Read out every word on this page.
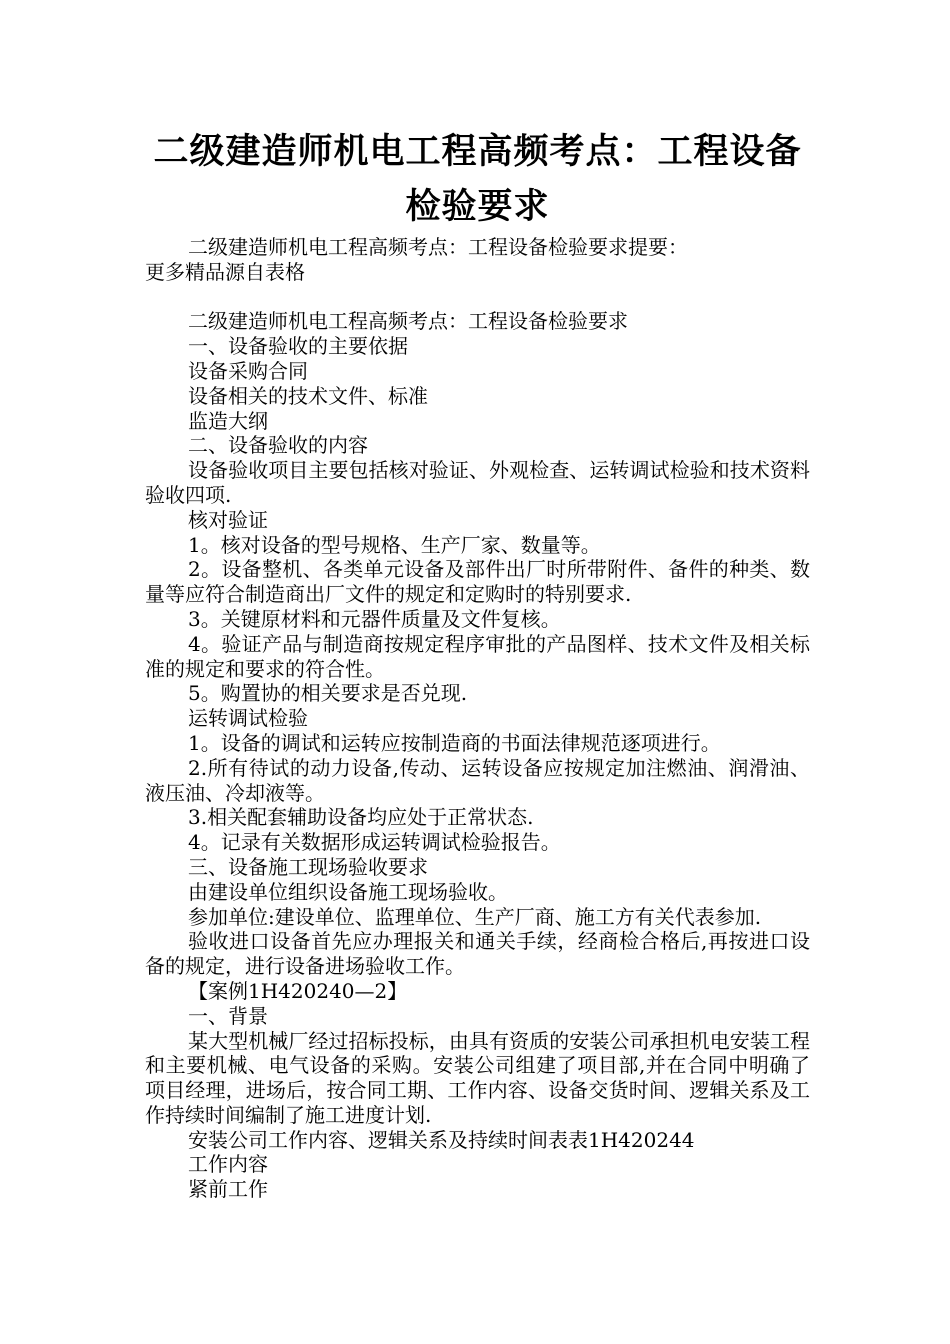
二级建造师机电工程高频考点：工程设备检验要求

二级建造师机电工程高频考点：工程设备检验要求提要：

更多精品源自表格

二级建造师机电工程高频考点：工程设备检验要求

一、设备验收的主要依据

设备采购合同

设备相关的技术文件、标准

监造大纲

二、设备验收的内容

设备验收项目主要包括核对验证、外观检查、运转调试检验和技术资料验收四项.

核对验证

1。核对设备的型号规格、生产厂家、数量等。

2。设备整机、各类单元设备及部件出厂时所带附件、备件的种类、数量等应符合制造商出厂文件的规定和定购时的特别要求.

3。关键原材料和元器件质量及文件复核。

4。验证产品与制造商按规定程序审批的产品图样、技术文件及相关标准的规定和要求的符合性。

5。购置协的相关要求是否兑现.

运转调试检验

1。设备的调试和运转应按制造商的书面法律规范逐项进行。

2.所有待试的动力设备,传动、运转设备应按规定加注燃油、润滑油、液压油、冷却液等。

3.相关配套辅助设备均应处于正常状态.

4。记录有关数据形成运转调试检验报告。

三、设备施工现场验收要求

由建设单位组织设备施工现场验收。

参加单位:建设单位、监理单位、生产厂商、施工方有关代表参加.

验收进口设备首先应办理报关和通关手续，经商检合格后,再按进口设备的规定，进行设备进场验收工作。

【案例1H420240—2】

一、背景

某大型机械厂经过招标投标，由具有资质的安装公司承担机电安装工程和主要机械、电气设备的采购。安装公司组建了项目部,并在合同中明确了项目经理，进场后，按合同工期、工作内容、设备交货时间、逻辑关系及工作持续时间编制了施工进度计划.

安装公司工作内容、逻辑关系及持续时间表表1H420244

工作内容

紧前工作
